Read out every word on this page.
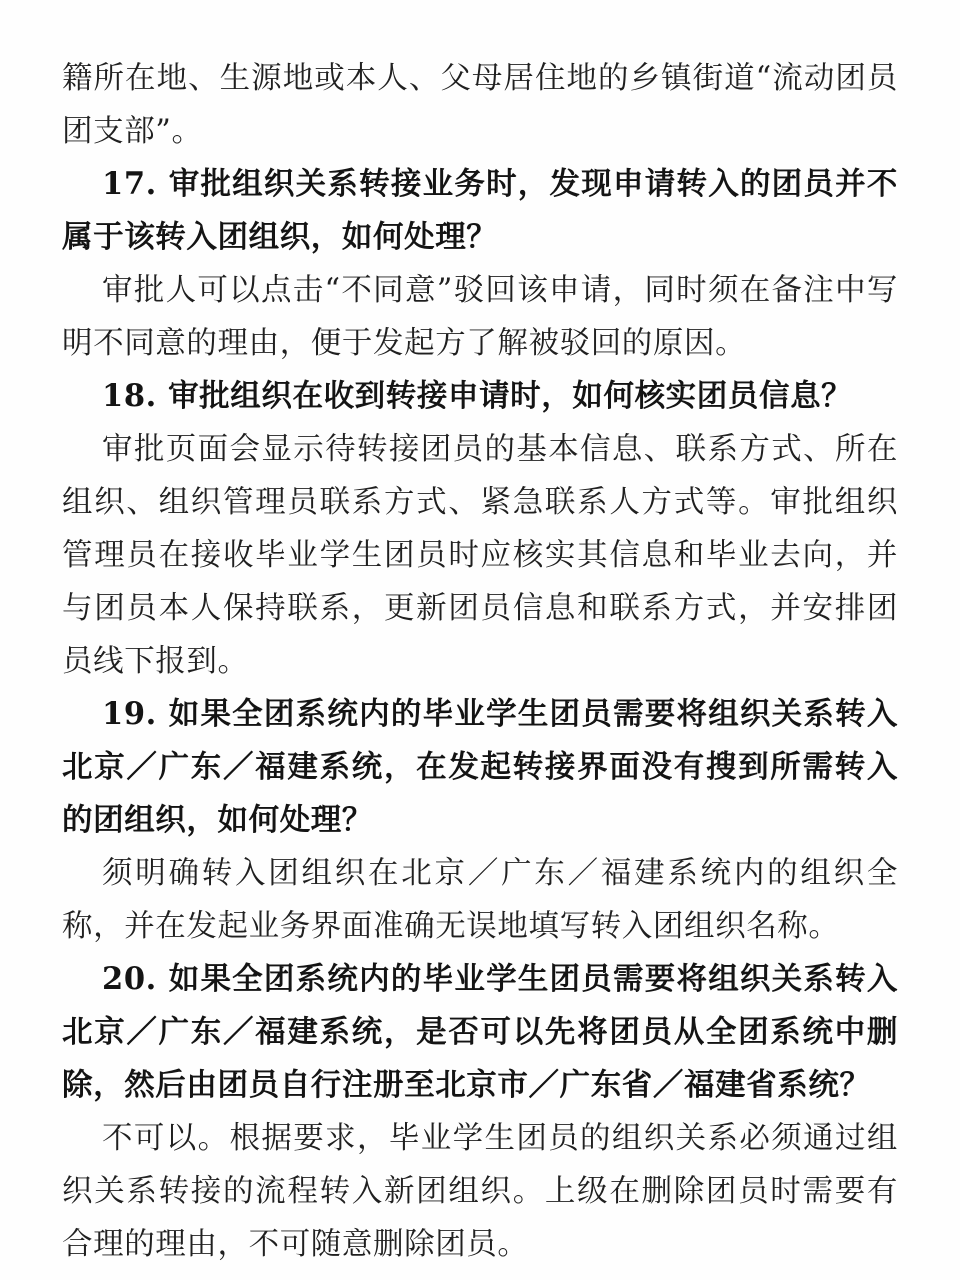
籍所在地、生源地或本人、父母居住地的乡镇街道“流动团员团支部”。

17. 审批组织关系转接业务时，发现申请转入的团员并不属于该转入团组织，如何处理？

审批人可以点击“不同意”驳回该申请，同时须在备注中写明不同意的理由，便于发起方了解被驳回的原因。

18. 审批组织在收到转接申请时，如何核实团员信息？

审批页面会显示待转接团员的基本信息、联系方式、所在组织、组织管理员联系方式、紧急联系人方式等。审批组织管理员在接收毕业学生团员时应核实其信息和毕业去向，并与团员本人保持联系，更新团员信息和联系方式，并安排团员线下报到。

19. 如果全团系统内的毕业学生团员需要将组织关系转入北京／广东／福建系统，在发起转接界面没有搜到所需转入的团组织，如何处理？

须明确转入团组织在北京／广东／福建系统内的组织全称，并在发起业务界面准确无误地填写转入团组织名称。

20. 如果全团系统内的毕业学生团员需要将组织关系转入北京／广东／福建系统，是否可以先将团员从全团系统中删除，然后由团员自行注册至北京市／广东省／福建省系统？

不可以。根据要求，毕业学生团员的组织关系必须通过组织关系转接的流程转入新团组织。上级在删除团员时需要有合理的理由，不可随意删除团员。
